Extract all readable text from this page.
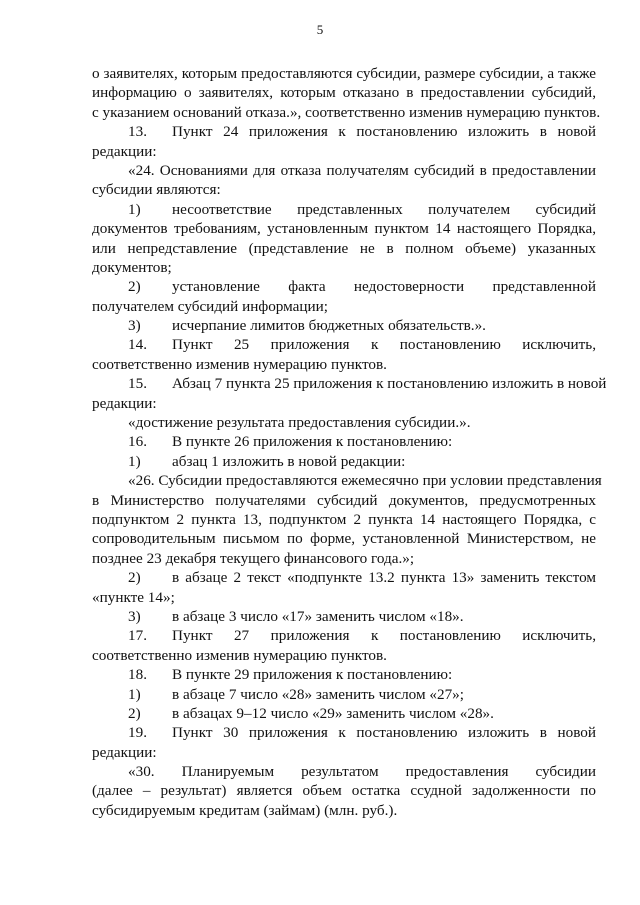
5
о заявителях, которым предоставляются субсидии, размере субсидии, а также
информацию о заявителях, которым отказано в предоставлении субсидий,
с указанием оснований отказа.», соответственно изменив нумерацию пунктов.
13.	Пункт 24 приложения к постановлению изложить в новой
редакции:
«24. Основаниями для отказа получателям субсидий в предоставлении
субсидии являются:
1)	несоответствие представленных получателем субсидий
документов требованиям, установленным пунктом 14 настоящего Порядка,
или непредставление (представление не в полном объеме) указанных
документов;
2)	установление факта недостоверности представленной
получателем субсидий информации;
3)	исчерпание лимитов бюджетных обязательств.».
14.	Пункт 25 приложения к постановлению исключить,
соответственно изменив нумерацию пунктов.
15.	Абзац 7 пункта 25 приложения к постановлению изложить в новой
редакции:
«достижение результата предоставления субсидии.».
16.	В пункте 26 приложения к постановлению:
1)	абзац 1 изложить в новой редакции:
«26. Субсидии предоставляются ежемесячно при условии представления
в Министерство получателями субсидий документов, предусмотренных
подпунктом 2 пункта 13, подпунктом 2 пункта 14 настоящего Порядка, с
сопроводительным письмом по форме, установленной Министерством, не
позднее 23 декабря текущего финансового года.»;
2)	в абзаце 2 текст «подпункте 13.2 пункта 13» заменить текстом
«пункте 14»;
3)	в абзаце 3 число «17» заменить числом «18».
17.	Пункт 27 приложения к постановлению исключить,
соответственно изменив нумерацию пунктов.
18.	В пункте 29 приложения к постановлению:
1)	в абзаце 7 число «28» заменить числом «27»;
2)	в абзацах 9–12 число «29» заменить числом «28».
19.	Пункт 30 приложения к постановлению изложить в новой
редакции:
«30. Планируемым результатом предоставления субсидии
(далее – результат) является объем остатка ссудной задолженности по
субсидируемым кредитам (займам) (млн. руб.).
